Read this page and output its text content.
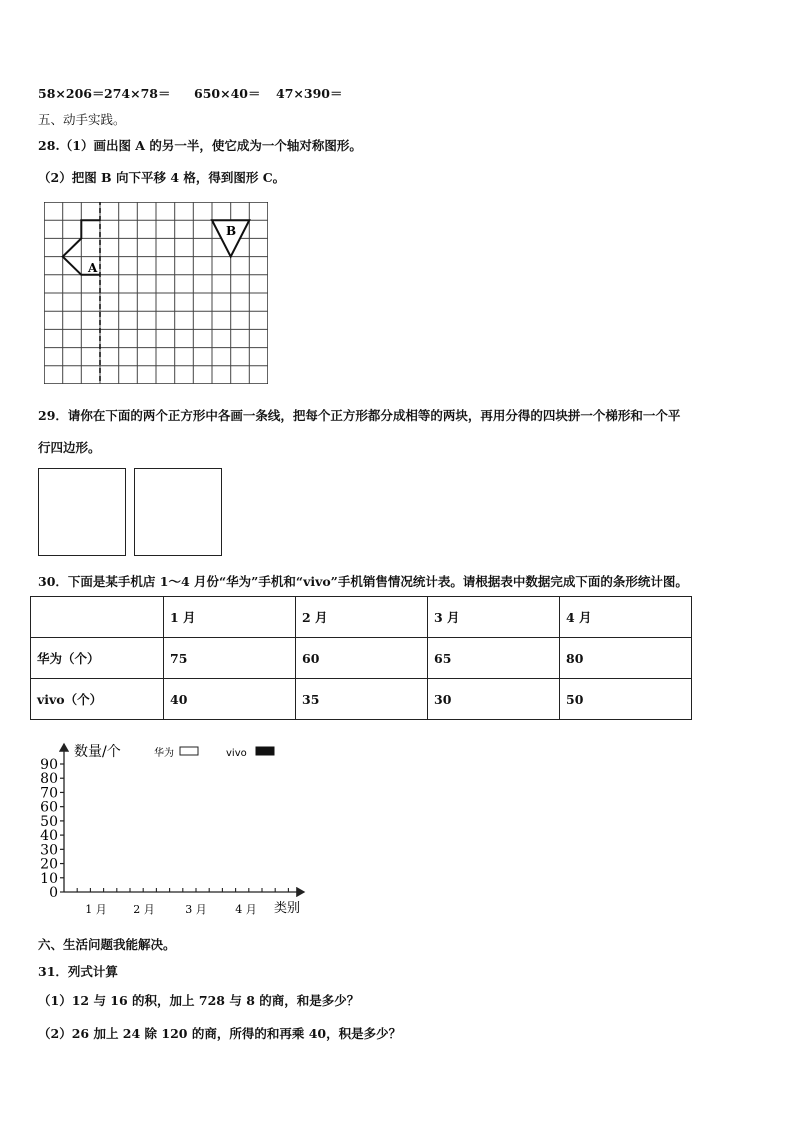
58×206＝274×78＝ 650×40＝ 47×390＝
五、动手实践。
28.（1）画出图 A 的另一半，使它成为一个轴对称图形。
（2）把图 B 向下平移 4 格，得到图形 C。
A
B
29．请你在下面的两个正方形中各画一条线，把每个正方形都分成相等的两块，再用分得的四块拼一个梯形和一个平
行四边形。
30．下面是某手机店 1～4 月份“华为”手机和“vivo”手机销售情况统计表。请根据表中数据完成下面的条形统计图。
	1 月	2 月	3 月	4 月
华为（个）	75	60	65	80
vivo（个）	40	35	30	50
数量/个
类别
华为	vivo
0
10
20
30
40
50
60
70
80
90
1 月 2 月	3 月	4 月
六、生活问题我能解决。
31．列式计算
（1）12 与 16 的积，加上 728 与 8 的商，和是多少？
（2）26 加上 24 除 120 的商，所得的和再乘 40，积是多少？
